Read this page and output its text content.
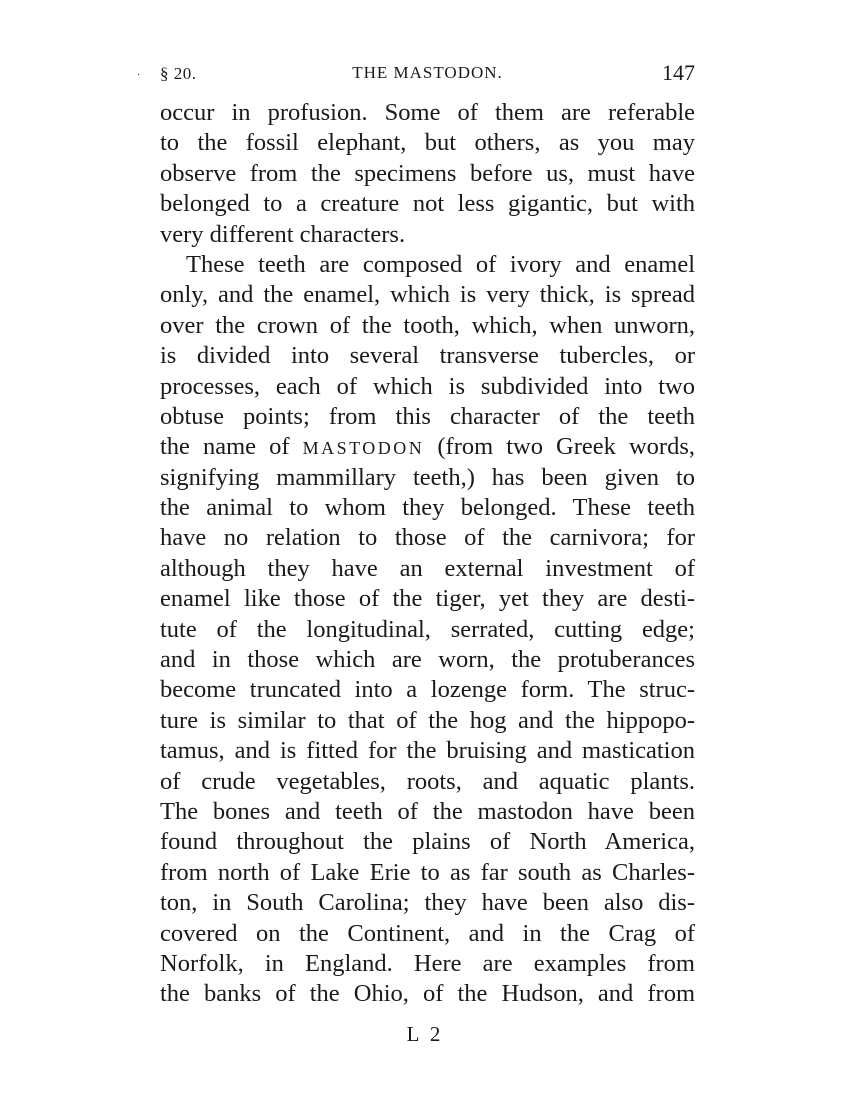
· § 20.	THE MASTODON.	147
occur in profusion. Some of them are referable
to the fossil elephant, but others, as you may
observe from the specimens before us, must have
belonged to a creature not less gigantic, but with
very different characters.
These teeth are composed of ivory and enamel
only, and the enamel, which is very thick, is spread
over the crown of the tooth, which, when unworn,
is divided into several transverse tubercles, or
processes, each of which is subdivided into two
obtuse points; from this character of the teeth
the name of MASTODON (from two Greek words,
signifying mammillary teeth,) has been given to
the animal to whom they belonged. These teeth
have no relation to those of the carnivora; for
although they have an external investment of
enamel like those of the tiger, yet they are desti-
tute of the longitudinal, serrated, cutting edge;
and in those which are worn, the protuberances
become truncated into a lozenge form. The struc-
ture is similar to that of the hog and the hippopo-
tamus, and is fitted for the bruising and mastication
of crude vegetables, roots, and aquatic plants.
The bones and teeth of the mastodon have been
found throughout the plains of North America,
from north of Lake Erie to as far south as Charles-
ton, in South Carolina; they have been also dis-
covered on the Continent, and in the Crag of
Norfolk, in England. Here are examples from
the banks of the Ohio, of the Hudson, and from
L 2
